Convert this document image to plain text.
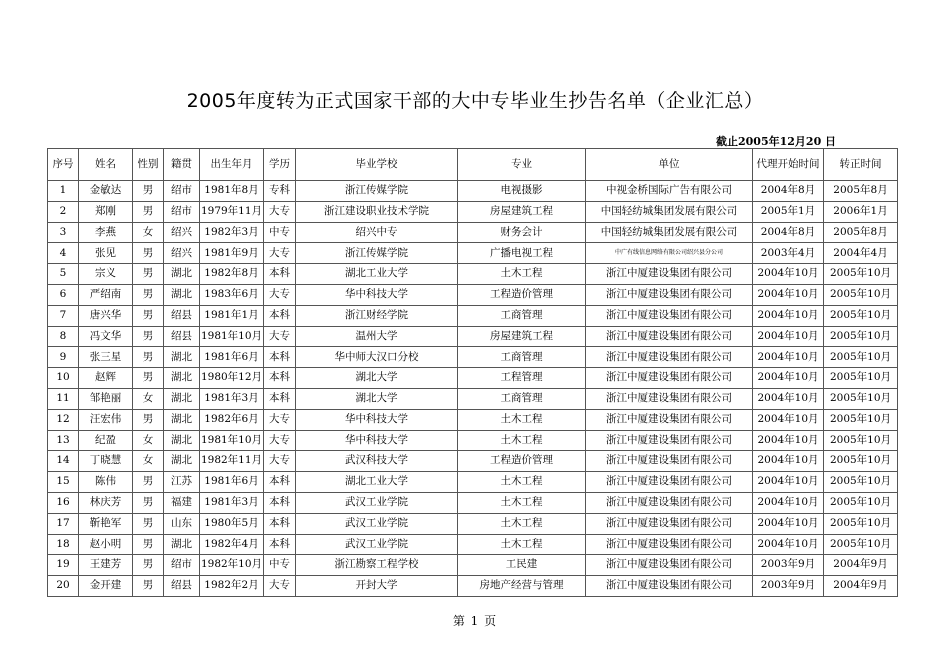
2005年度转为正式国家干部的大中专毕业生抄告名单（企业汇总）
截止2005年12月20 日
序号	姓名	性别	籍贯	出生年月	学历	毕业学校	专业	单位	代理开始时间	转正时间
1	金敏达	男	绍市	1981年8月	专科	浙江传媒学院	电视摄影	中视金桥国际广告有限公司	2004年8月	2005年8月
2	郑刚	男	绍市	1979年11月	大专	浙江建设职业技术学院	房屋建筑工程	中国轻纺城集团发展有限公司	2005年1月	2006年1月
3	李燕	女	绍兴	1982年3月	中专	绍兴中专	财务会计	中国轻纺城集团发展有限公司	2004年8月	2005年8月
4	张见	男	绍兴	1981年9月	大专	浙江传媒学院	广播电视工程	中广有线信息网络有限公司绍兴县分公司	2003年4月	2004年4月
5	宗义	男	湖北	1982年8月	本科	湖北工业大学	土木工程	浙江中厦建设集团有限公司	2004年10月	2005年10月
6	严绍南	男	湖北	1983年6月	大专	华中科技大学	工程造价管理	浙江中厦建设集团有限公司	2004年10月	2005年10月
7	唐兴华	男	绍县	1981年1月	本科	浙江财经学院	工商管理	浙江中厦建设集团有限公司	2004年10月	2005年10月
8	冯文华	男	绍县	1981年10月	大专	温州大学	房屋建筑工程	浙江中厦建设集团有限公司	2004年10月	2005年10月
9	张三星	男	湖北	1981年6月	本科	华中师大汉口分校	工商管理	浙江中厦建设集团有限公司	2004年10月	2005年10月
10	赵辉	男	湖北	1980年12月	本科	湖北大学	工程管理	浙江中厦建设集团有限公司	2004年10月	2005年10月
11	邹艳丽	女	湖北	1981年3月	本科	湖北大学	工商管理	浙江中厦建设集团有限公司	2004年10月	2005年10月
12	汪宏伟	男	湖北	1982年6月	大专	华中科技大学	土木工程	浙江中厦建设集团有限公司	2004年10月	2005年10月
13	纪盈	女	湖北	1981年10月	大专	华中科技大学	土木工程	浙江中厦建设集团有限公司	2004年10月	2005年10月
14	丁晓慧	女	湖北	1982年11月	大专	武汉科技大学	工程造价管理	浙江中厦建设集团有限公司	2004年10月	2005年10月
15	陈伟	男	江苏	1981年6月	本科	湖北工业大学	土木工程	浙江中厦建设集团有限公司	2004年10月	2005年10月
16	林庆芳	男	福建	1981年3月	本科	武汉工业学院	土木工程	浙江中厦建设集团有限公司	2004年10月	2005年10月
17	靳艳军	男	山东	1980年5月	本科	武汉工业学院	土木工程	浙江中厦建设集团有限公司	2004年10月	2005年10月
18	赵小明	男	湖北	1982年4月	本科	武汉工业学院	土木工程	浙江中厦建设集团有限公司	2004年10月	2005年10月
19	王建芳	男	绍市	1982年10月	中专	浙江勘察工程学校	工民建	浙江中厦建设集团有限公司	2003年9月	2004年9月
20	金开建	男	绍县	1982年2月	大专	开封大学	房地产经营与管理	浙江中厦建设集团有限公司	2003年9月	2004年9月
第 1 页
